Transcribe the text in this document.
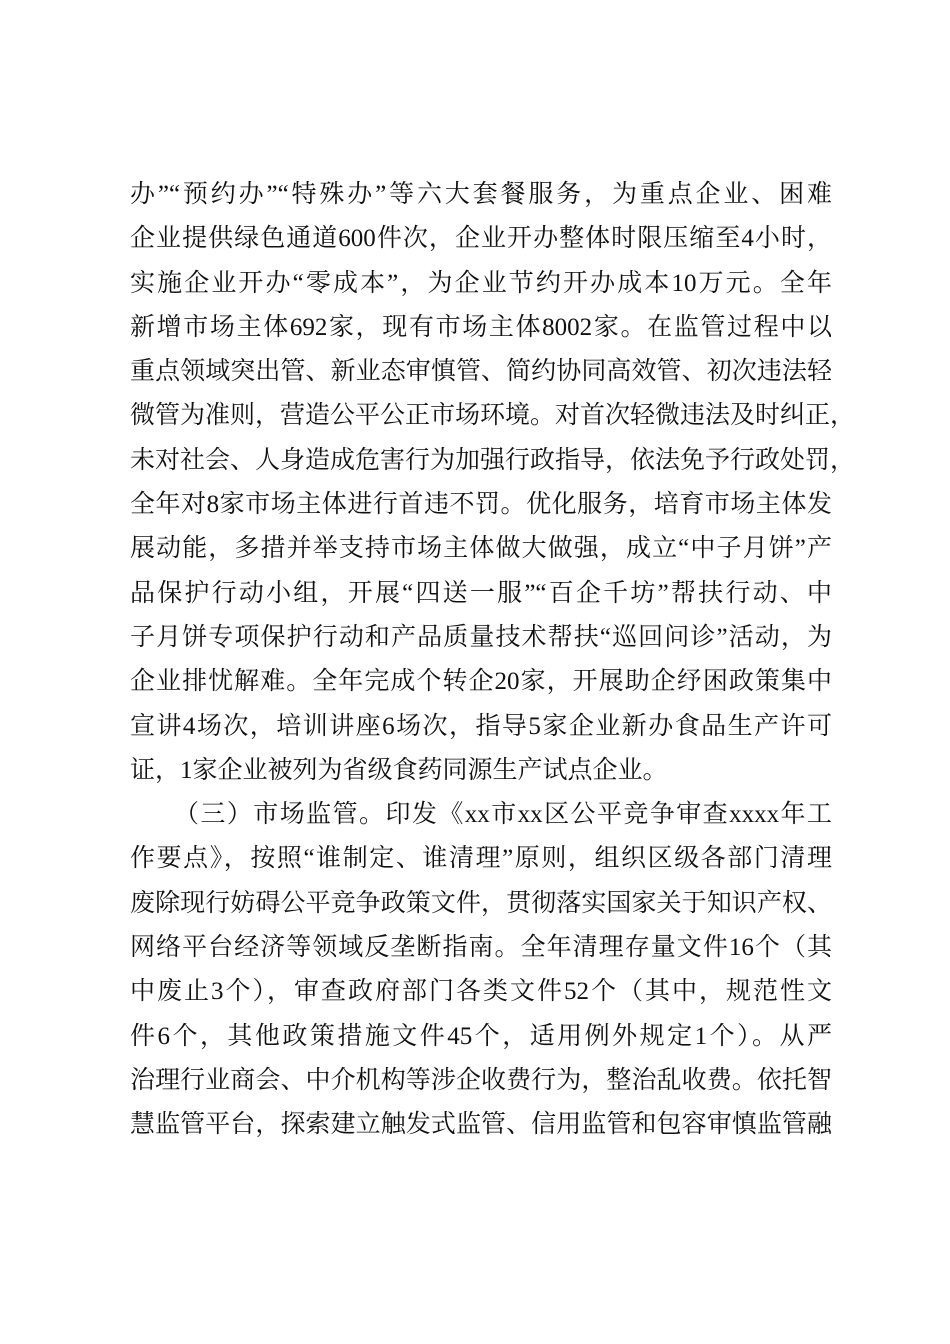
办”“预约办”“特殊办”等六大套餐服务，为重点企业、困难
企业提供绿色通道600件次，企业开办整体时限压缩至4小时，
实施企业开办“零成本”，为企业节约开办成本10万元。全年
新增市场主体692家，现有市场主体8002家。在监管过程中以
重点领域突出管、新业态审慎管、简约协同高效管、初次违法轻
微管为准则，营造公平公正市场环境。对首次轻微违法及时纠正，
未对社会、人身造成危害行为加强行政指导，依法免予行政处罚，
全年对8家市场主体进行首违不罚。优化服务，培育市场主体发
展动能，多措并举支持市场主体做大做强，成立“中子月饼”产
品保护行动小组，开展“四送一服”“百企千坊”帮扶行动、中
子月饼专项保护行动和产品质量技术帮扶“巡回问诊”活动，为
企业排忧解难。全年完成个转企20家，开展助企纾困政策集中
宣讲4场次，培训讲座6场次，指导5家企业新办食品生产许可
证，1家企业被列为省级食药同源生产试点企业。
（三）市场监管。印发《xx市xx区公平竞争审查xxxx年工
作要点》，按照“谁制定、谁清理”原则，组织区级各部门清理
废除现行妨碍公平竞争政策文件，贯彻落实国家关于知识产权、
网络平台经济等领域反垄断指南。全年清理存量文件16个（其
中废止3个），审查政府部门各类文件52个（其中，规范性文
件6个，其他政策措施文件45个，适用例外规定1个）。从严
治理行业商会、中介机构等涉企收费行为，整治乱收费。依托智
慧监管平台，探索建立触发式监管、信用监管和包容审慎监管融
